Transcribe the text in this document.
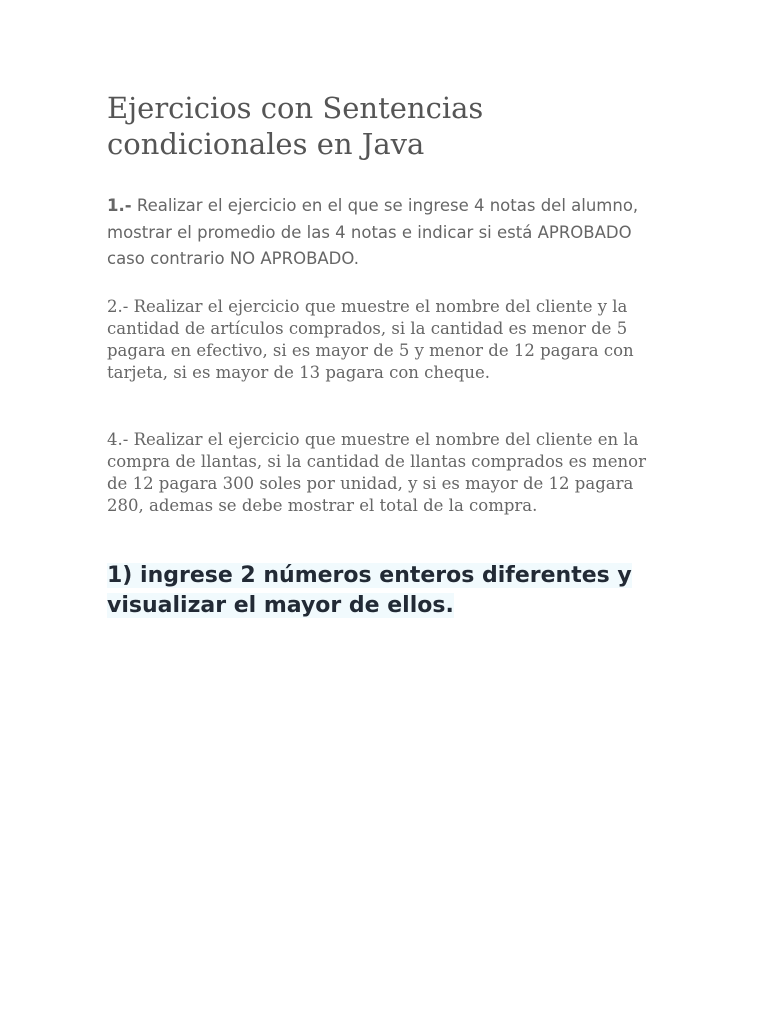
Ejercicios con Sentencias condicionales en Java

1.- Realizar el ejercicio en el que se ingrese 4 notas del alumno, mostrar el promedio de las 4 notas e indicar si está APROBADO caso contrario NO APROBADO.

2.- Realizar el ejercicio que muestre el nombre del cliente y la cantidad de artículos comprados, si la cantidad es menor de 5 pagara en efectivo, si es mayor de 5 y menor de 12 pagara con tarjeta, si es mayor de 13 pagara con cheque.

4.- Realizar el ejercicio que muestre el nombre del cliente en la compra de llantas, si la cantidad de llantas comprados es menor de 12 pagara 300 soles por unidad, y si es mayor de 12 pagara 280, ademas se debe mostrar el total de la compra.

1) ingrese 2 números enteros diferentes y visualizar el mayor de ellos.
